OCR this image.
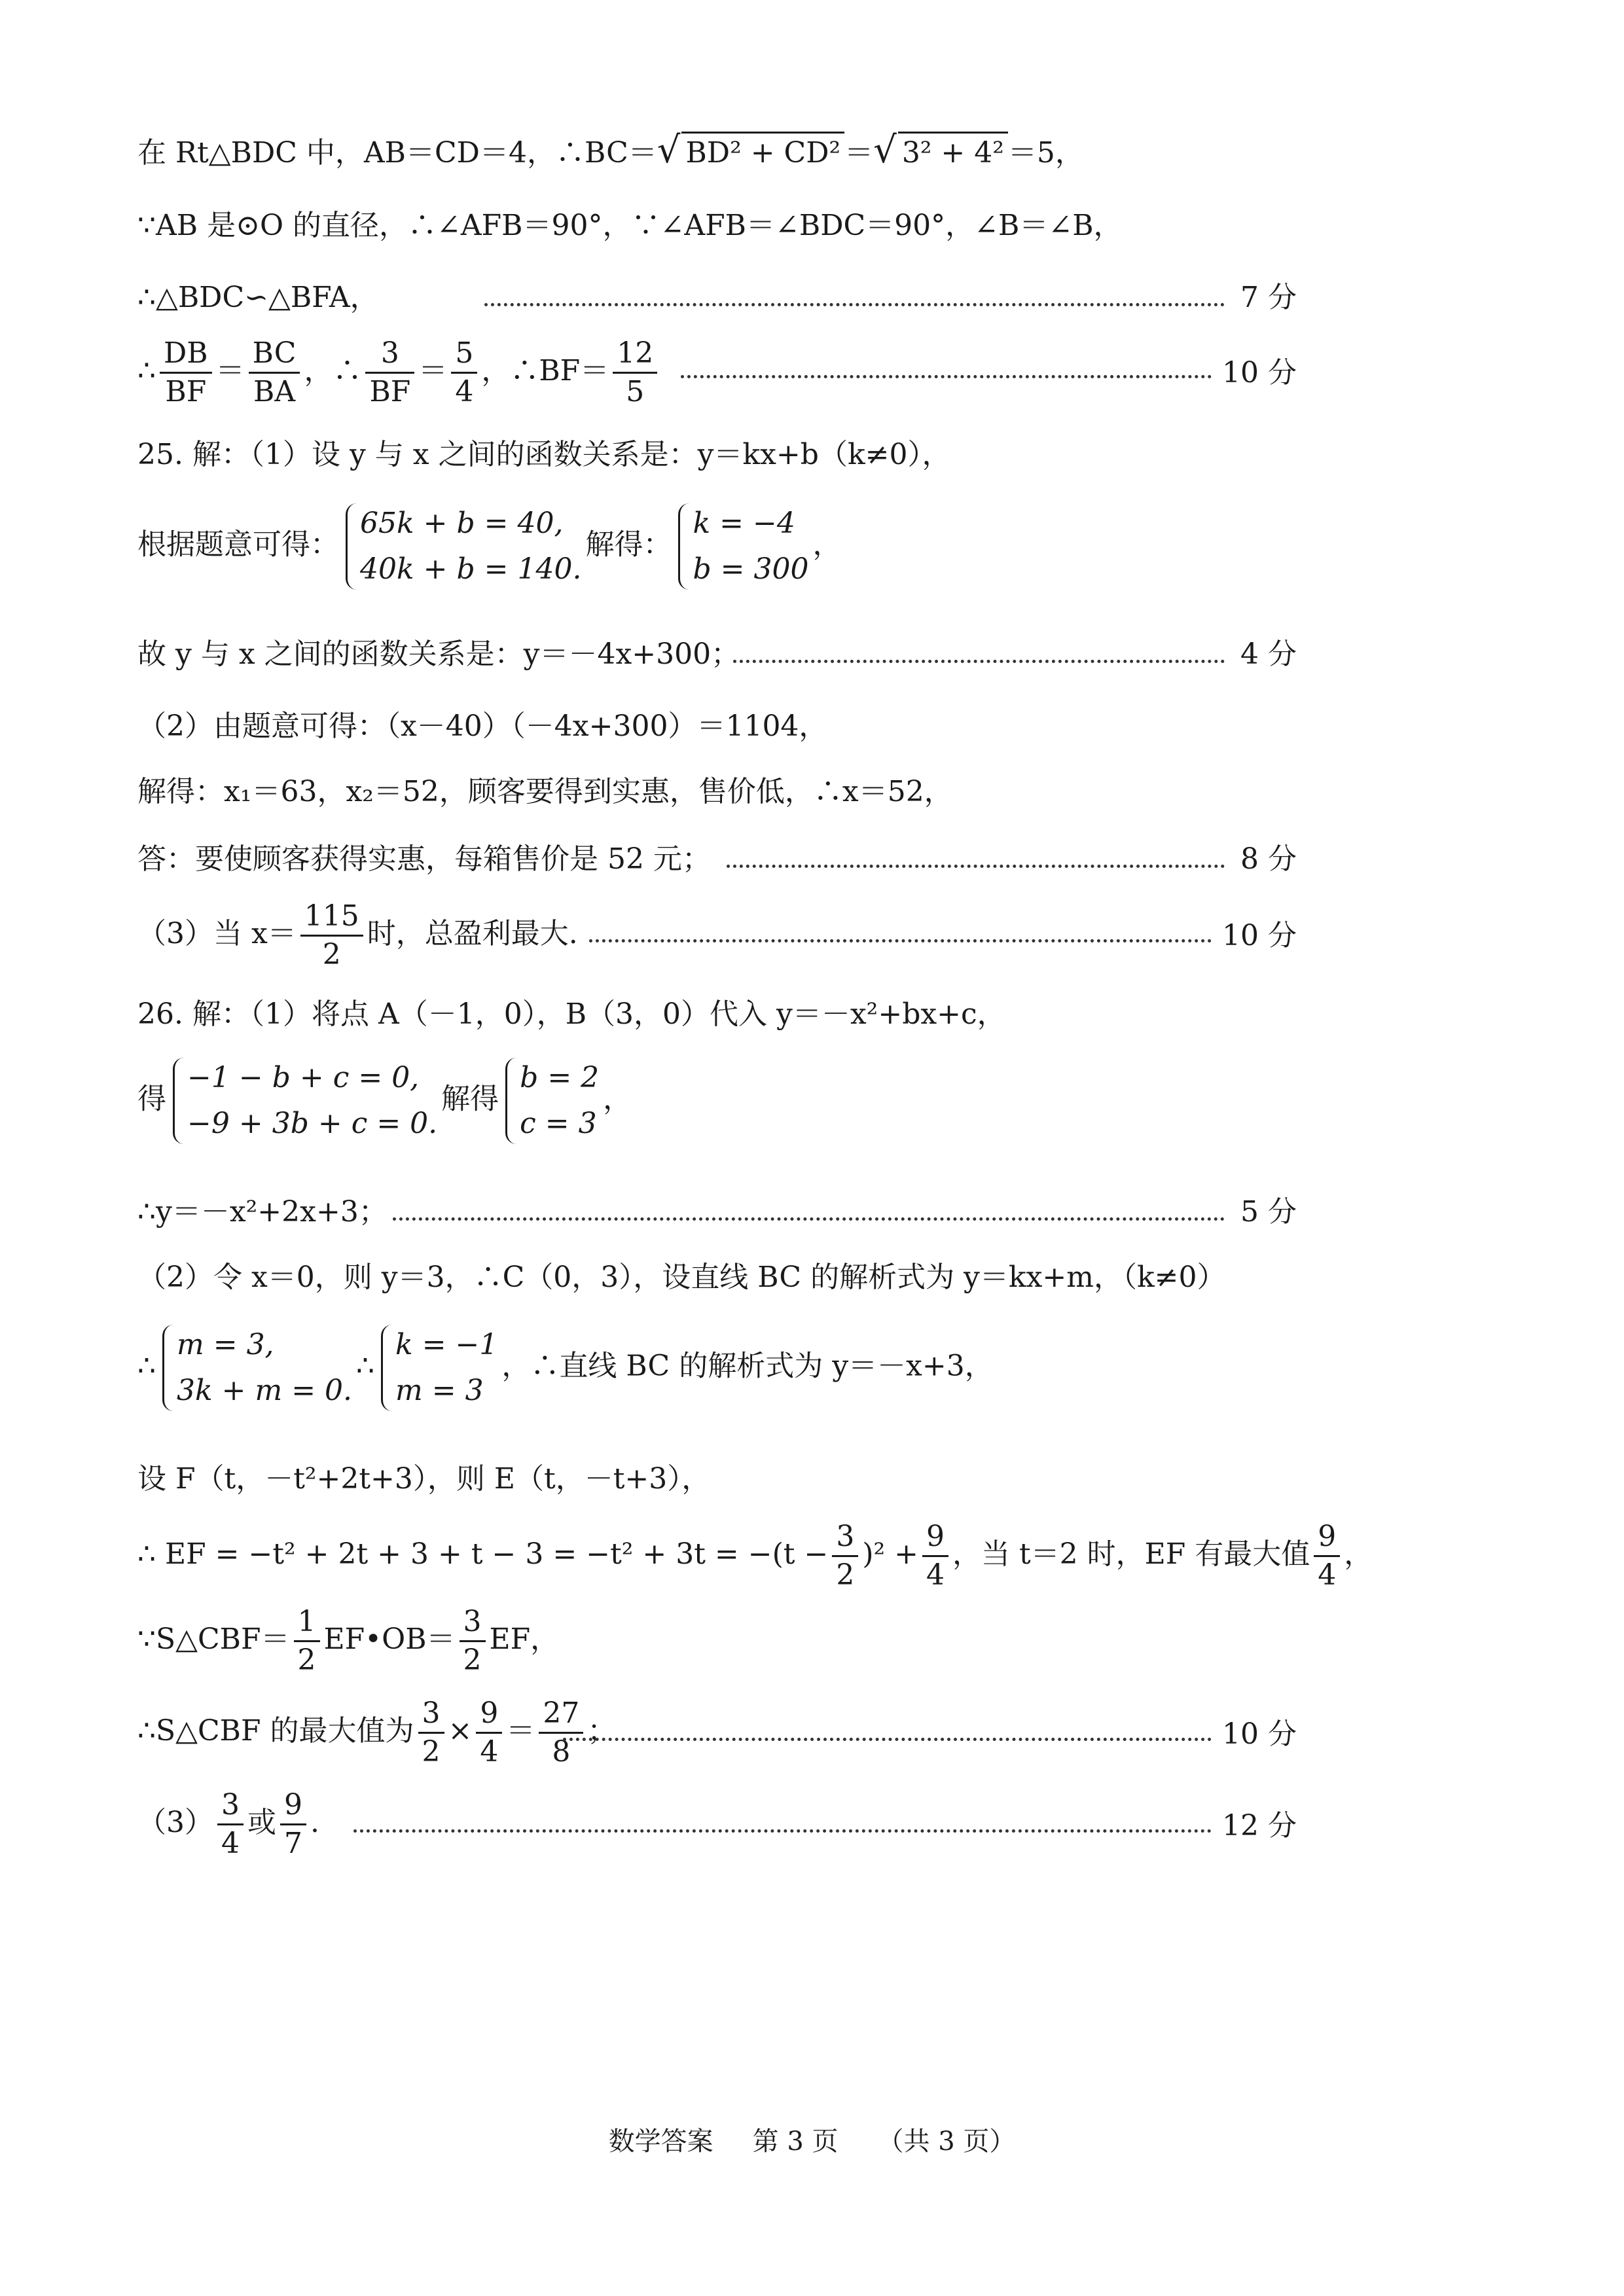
在 Rt△BDC 中，AB＝CD＝4，∴BC＝√ BD² + CD² ＝√ 3² + 4² ＝5，
∵AB 是⊙O 的直径，∴∠AFB＝90°，∵∠AFB＝∠BDC＝90°，∠B＝∠B，
∴△BDC∽△BFA，	7 分
∴ $\frac{DB}{BF} = \frac{BC}{BA}$ ，∴ $\frac{3}{BF} = \frac{5}{4}$ ，∴BF＝ $\frac{12}{5}$	10 分
25. 解：（1）设 y 与 x 之间的函数关系是：y＝kx+b（k≠0），
根据题意可得：
65k + b = 40,
40k + b = 140.
解得：
k = −4
b = 300
，
故 y 与 x 之间的函数关系是：y＝－4x+300；	4 分
（2）由题意可得：（x－40）（－4x+300）＝1104，
解得：x₁＝63，x₂＝52，顾客要得到实惠，售价低，∴x＝52，
答：要使顾客获得实惠，每箱售价是 52 元；	8 分
（3）当 $x= \frac{115}{2}$ 时，总盈利最大.	10 分
26. 解：（1）将点 A（－1，0），B（3，0）代入 y＝－x²+bx+c，
得
−1 − b + c = 0,
−9 + 3b + c = 0.
解得
b = 2
c = 3
，
∴y＝－x²+2x+3；	5 分
（2）令 x＝0，则 y＝3，∴C（0，3），设直线 BC 的解析式为 y＝kx+m，（k≠0）
∴
m = 3,
3k + m = 0.
∴
k = −1
m = 3
，∴直线 BC 的解析式为 y＝－x+3，
设 F（t，－t²+2t+3），则 E（t，－t+3），
∴ EF = $-t^2 + 2t + 3 + t - 3 = -t^2 + 3t = -(t - \frac{3}{2} )^2 + \frac{9}{4}$ ，当 t＝2 时，EF 有最大值 $\frac{9}{4}$ ，
∵S△CBF＝ $\frac{1}{2}$ EF•OB＝ $\frac{3}{2}$ EF，
∴S△CBF 的最大值为 $\frac{3}{2} \times \frac{9}{4} = \frac{27}{8}$ ；	10 分
$(3) \frac{3}{4}$ 或 $\frac{9}{7}$ .	12 分
数学答案 第 3 页 （共 3 页）
